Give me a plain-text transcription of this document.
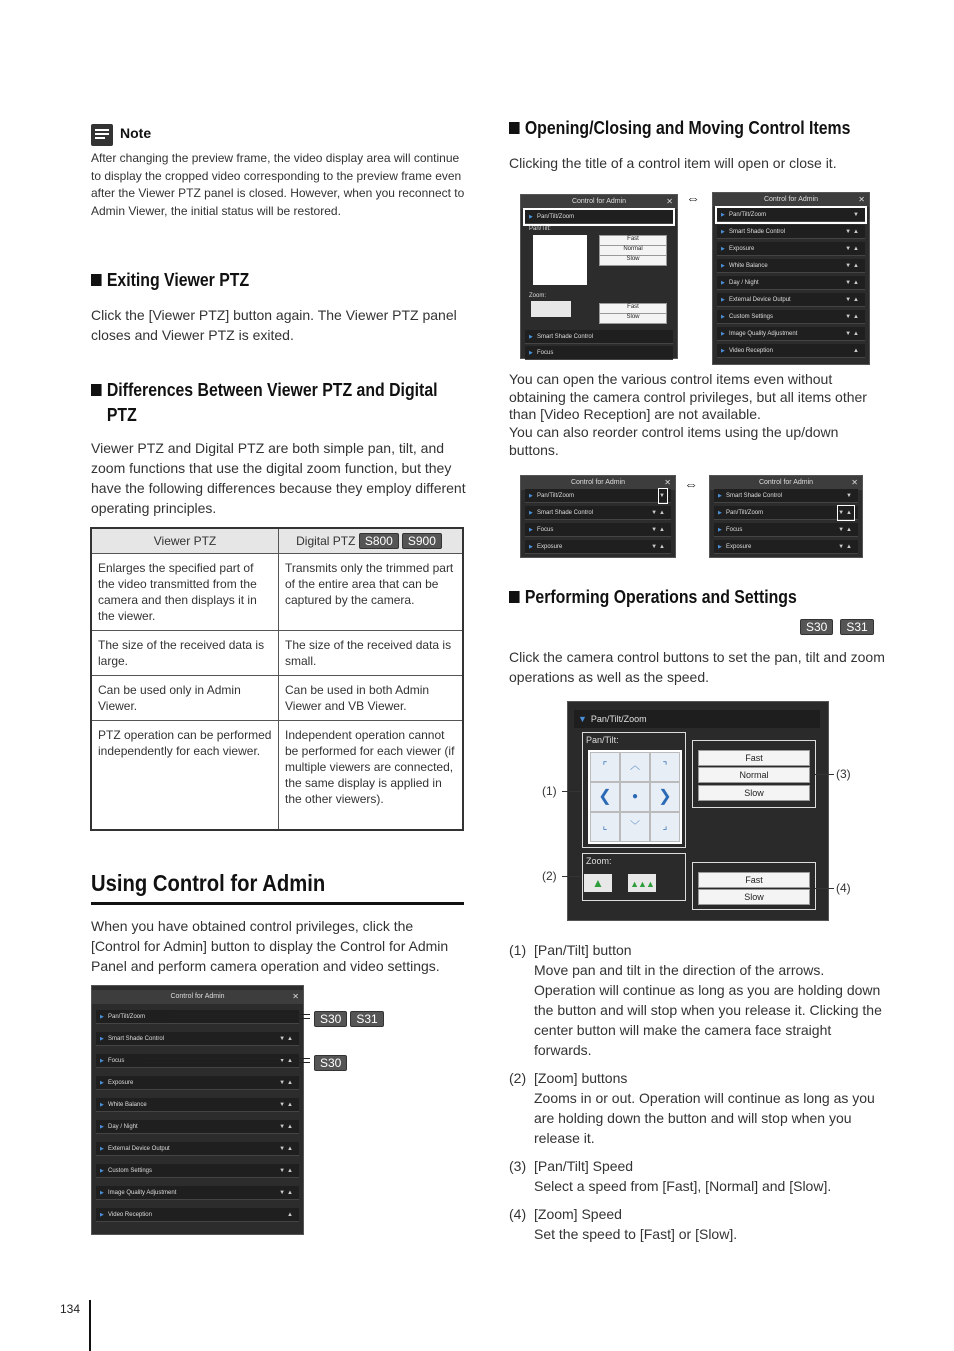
Note
After changing the preview frame, the video display area will continue to display the cropped video corresponding to the preview frame even after the Viewer PTZ panel is closed. However, when you reconnect to Admin Viewer, the initial status will be restored.
Exiting Viewer PTZ
Click the [Viewer PTZ] button again. The Viewer PTZ panel closes and Viewer PTZ is exited.
Differences Between Viewer PTZ and Digital
PTZ
Viewer PTZ and Digital PTZ are both simple pan, tilt, and zoom functions that use the digital zoom function, but they have the following differences because they employ different operating principles.
Viewer PTZ	Digital PTZ S800 S900
Enlarges the specified part of the video transmitted from the camera and then displays it in the viewer.	Transmits only the trimmed part of the entire area that can be captured by the camera.
The size of the received data is large.	The size of the received data is small.
Can be used only in Admin Viewer.	Can be used in both Admin Viewer and VB Viewer.
PTZ operation can be performed independently for each viewer.	Independent operation cannot be performed for each viewer (if multiple viewers are connected, the same display is applied in the other viewers).
Using Control for Admin
When you have obtained control privileges, click the [Control for Admin] button to display the Control for Admin Panel and perform camera operation and video settings.
Control for Admin	✕
▶ Pan/Tilt/Zoom
▶ Smart Shade Control	▼▲
▶ Focus	▼▲
▶ Exposure	▼▲
▶ White Balance	▼▲
▶ Day / Night	▼▲
▶ External Device Output	▼▲
▶ Custom Settings	▼▲
▶ Image Quality Adjustment	▼▲
▶ Video Reception	▲
S30 S31
S30
Opening/Closing and Moving Control Items
Clicking the title of a control item will open or close it.
Control for Admin	✕
▶ Pan/Tilt/Zoom
Pan/Tilt:
Zoom:
Fast
Normal
Slow
Fast
Slow
▶ Smart Shade Control
▶ Focus
⇔	Control for Admin	✕
▶ Pan/Tilt/Zoom	▼
▶ Smart Shade Control	▼▲
▶ Exposure	▼▲
▶ White Balance	▼▲
▶ Day / Night	▼▲
▶ External Device Output	▼▲
▶ Custom Settings	▼▲
▶ Image Quality Adjustment	▼▲
▶ Video Reception	▲
You can open the various control items even without obtaining the camera control privileges, but all items other than [Video Reception] are not available.
You can also reorder control items using the up/down buttons.
Control for Admin	✕
▶ Pan/Tilt/Zoom	▼
▶ Smart Shade Control	▼▲
▶ Focus	▼▲
▶ Exposure	▼▲
⇔	Control for Admin	✕
▶ Smart Shade Control	▼
▶ Pan/Tilt/Zoom	▼▲
▶ Focus	▼▲
▶ Exposure	▼▲
Performing Operations and Settings
S30 S31
Click the camera control buttons to set the pan, tilt and zoom operations as well as the speed.
▼ Pan/Tilt/Zoom
Pan/Tilt:
⌜	︿	⌝
❮	●	❯
⌞	﹀	⌟
Zoom:
▲	▲▲▲
Fast
Normal
Slow
Fast
Slow
(1)
(2)
(3)
(4)
(1) [Pan/Tilt] button
Move pan and tilt in the direction of the arrows. Operation will continue as long as you are holding down the button and will stop when you release it. Clicking the center button will make the camera face straight forwards.
(2) [Zoom] buttons
Zooms in or out. Operation will continue as long as you are holding down the button and will stop when you release it.
(3) [Pan/Tilt] Speed
Select a speed from [Fast], [Normal] and [Slow].
(4) [Zoom] Speed
Set the speed to [Fast] or [Slow].
134
